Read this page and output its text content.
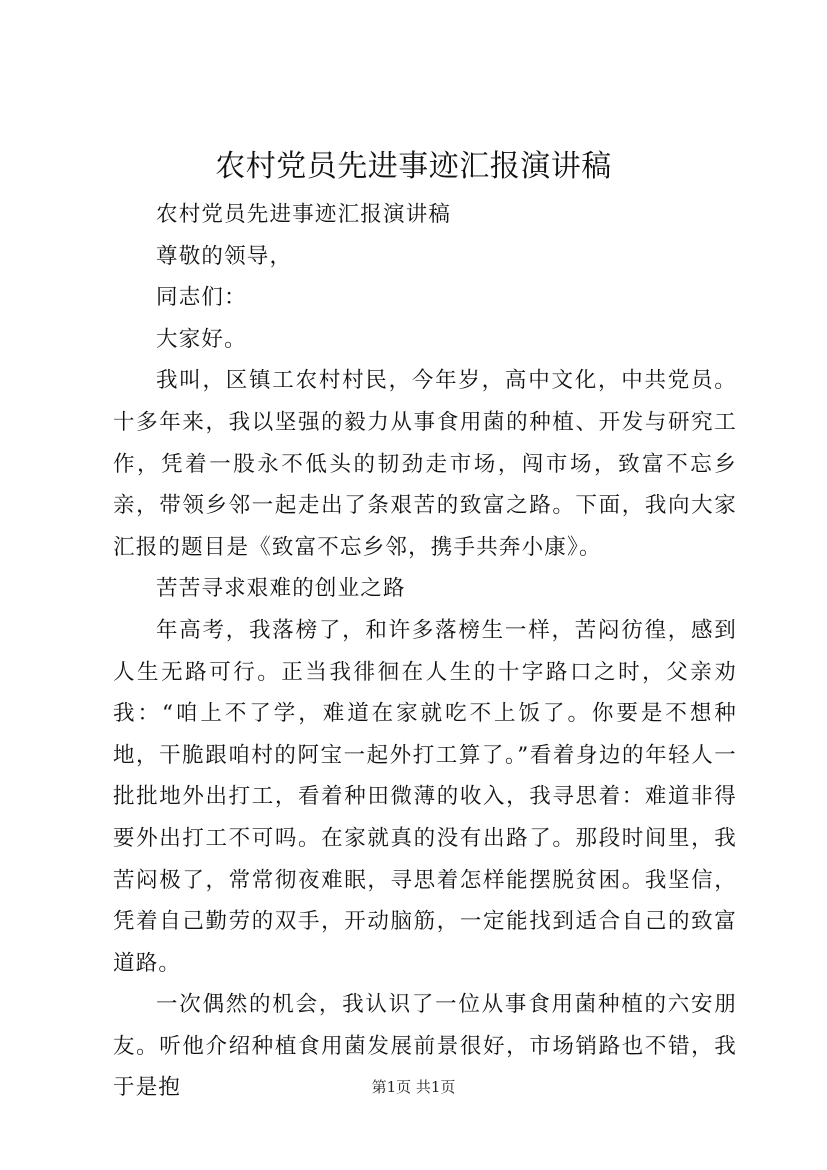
农村党员先进事迹汇报演讲稿

农村党员先进事迹汇报演讲稿

尊敬的领导，

同志们：

大家好。

我叫，区镇工农村村民，今年岁，高中文化，中共党员。十多年来，我以坚强的毅力从事食用菌的种植、开发与研究工作，凭着一股永不低头的韧劲走市场，闯市场，致富不忘乡亲，带领乡邻一起走出了条艰苦的致富之路。下面，我向大家汇报的题目是《致富不忘乡邻，携手共奔小康》。

苦苦寻求艰难的创业之路

年高考，我落榜了，和许多落榜生一样，苦闷彷徨，感到人生无路可行。正当我徘徊在人生的十字路口之时，父亲劝我：“咱上不了学，难道在家就吃不上饭了。你要是不想种地，干脆跟咱村的阿宝一起外打工算了。”看着身边的年轻人一批批地外出打工，看着种田微薄的收入，我寻思着：难道非得要外出打工不可吗。在家就真的没有出路了。那段时间里，我苦闷极了，常常彻夜难眠，寻思着怎样能摆脱贫困。我坚信，凭着自己勤劳的双手，开动脑筋，一定能找到适合自己的致富道路。

一次偶然的机会，我认识了一位从事食用菌种植的六安朋友。听他介绍种植食用菌发展前景很好，市场销路也不错，我于是抱	第1页 共1页
